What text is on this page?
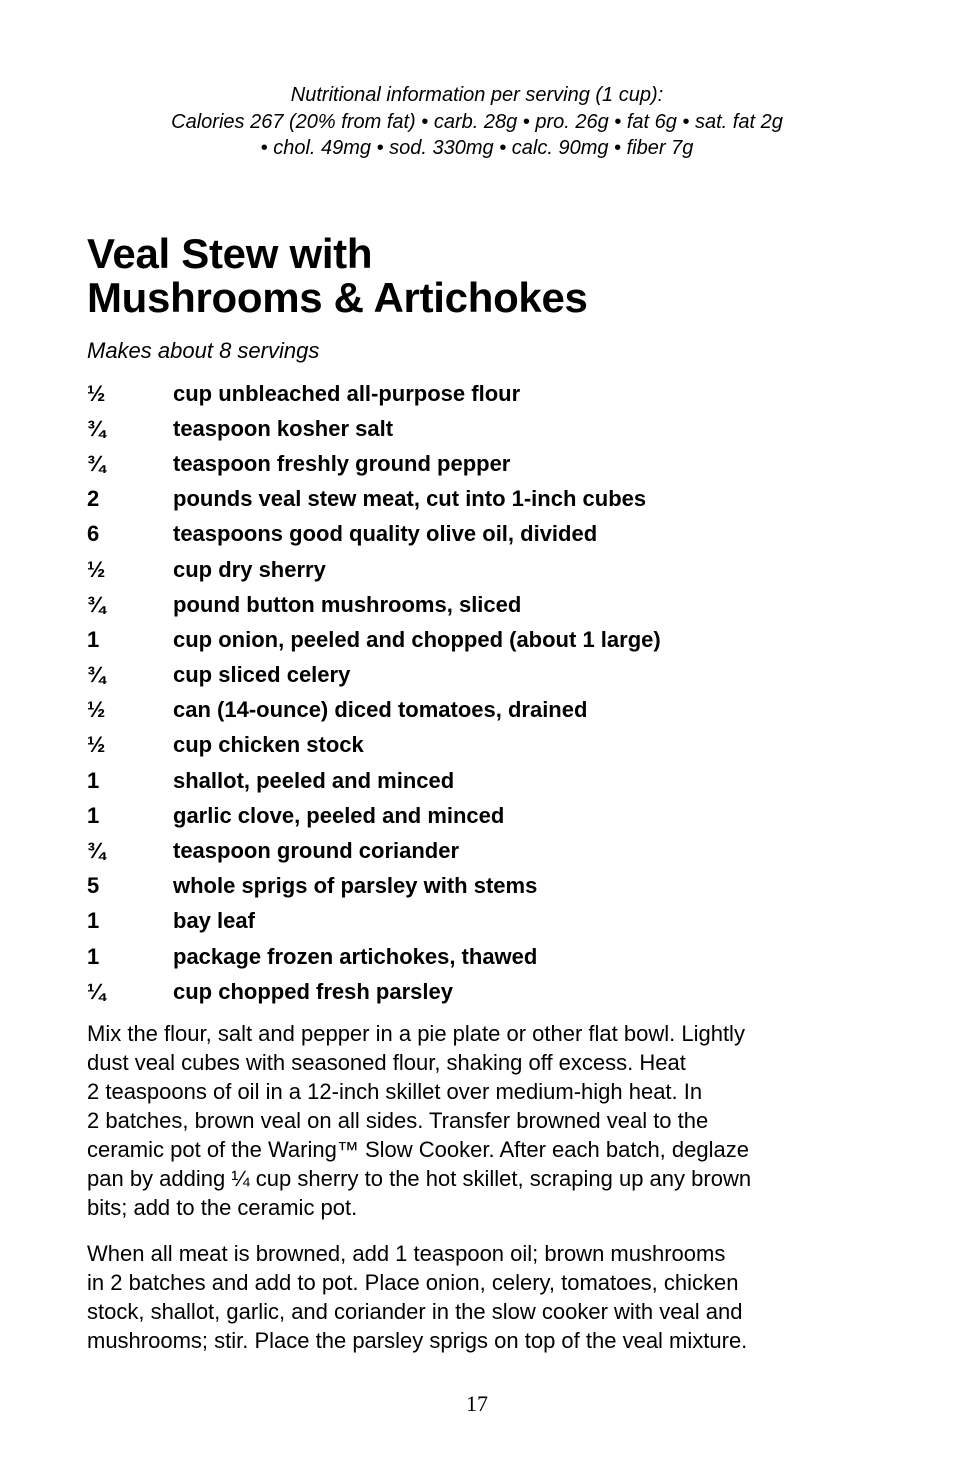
Nutritional information per serving (1 cup):
Calories 267 (20% from fat) • carb. 28g • pro. 26g • fat 6g • sat. fat 2g
• chol. 49mg • sod. 330mg • calc. 90mg • fiber 7g
Veal Stew with
Mushrooms & Artichokes
Makes about 8 servings
½	cup unbleached all-purpose flour
¾	teaspoon kosher salt
¾	teaspoon freshly ground pepper
2	pounds veal stew meat, cut into 1-inch cubes
6	teaspoons good quality olive oil, divided
½	cup dry sherry
¾	pound button mushrooms, sliced
1	cup onion, peeled and chopped (about 1 large)
¾	cup sliced celery
½	can (14-ounce) diced tomatoes, drained
½	cup chicken stock
1	shallot, peeled and minced
1	garlic clove, peeled and minced
¾	teaspoon ground coriander
5	whole sprigs of parsley with stems
1	bay leaf
1	package frozen artichokes, thawed
¼	cup chopped fresh parsley
Mix the flour, salt and pepper in a pie plate or other flat bowl. Lightly
dust veal cubes with seasoned flour, shaking off excess. Heat
2 teaspoons of oil in a 12-inch skillet over medium-high heat. In
2 batches, brown veal on all sides. Transfer browned veal to the
ceramic pot of the Waring™ Slow Cooker. After each batch, deglaze
pan by adding ¼ cup sherry to the hot skillet, scraping up any brown
bits; add to the ceramic pot.
When all meat is browned, add 1 teaspoon oil; brown mushrooms
in 2 batches and add to pot. Place onion, celery, tomatoes, chicken
stock, shallot, garlic, and coriander in the slow cooker with veal and
mushrooms; stir. Place the parsley sprigs on top of the veal mixture.
17
